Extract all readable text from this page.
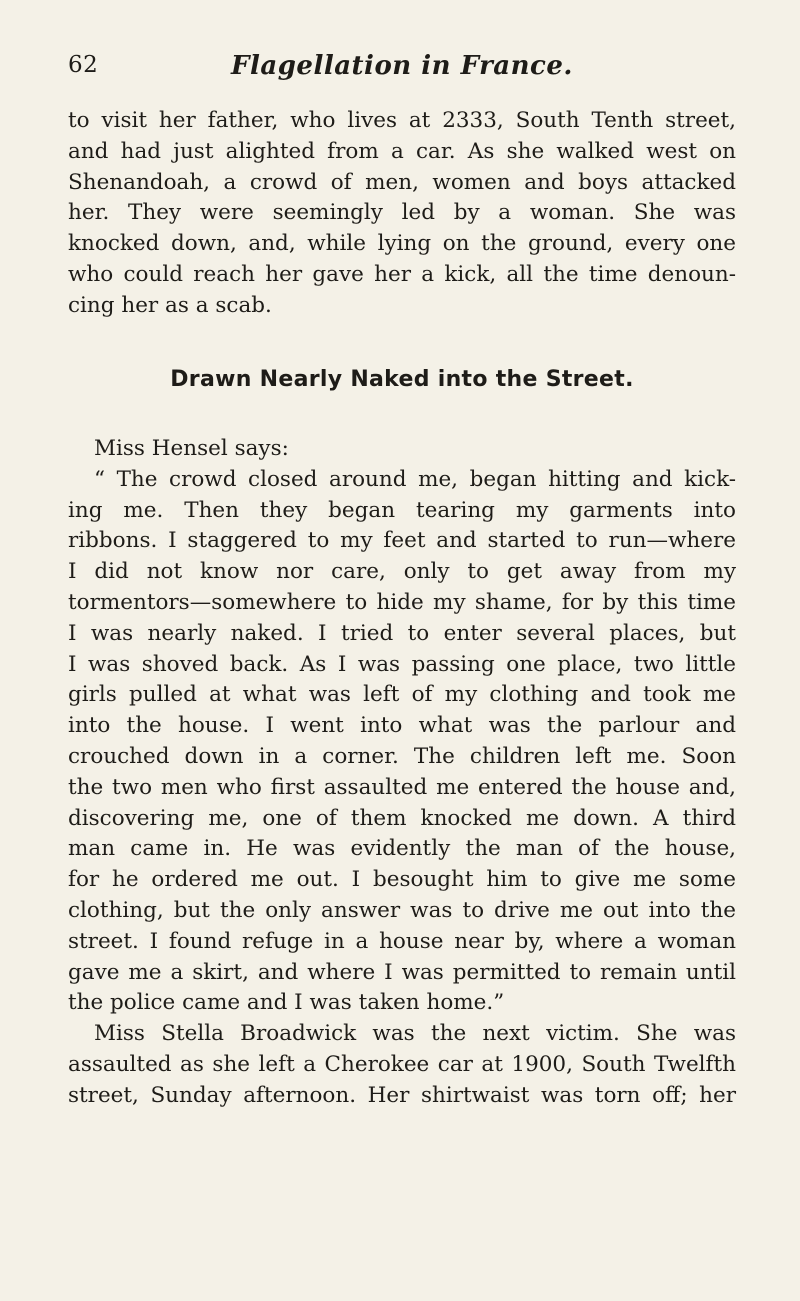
62	Flagellation in France.
to visit her father, who lives at 2333, South Tenth street,
and had just alighted from a car. As she walked west on
Shenandoah, a crowd of men, women and boys attacked
her. They were seemingly led by a woman. She was
knocked down, and, while lying on the ground, every one
who could reach her gave her a kick, all the time denoun-
cing her as a scab.
Drawn Nearly Naked into the Street.
Miss Hensel says:
“ The crowd closed around me, began hitting and kick-
ing me. Then they began tearing my garments into
ribbons. I staggered to my feet and started to run—where
I did not know nor care, only to get away from my
tormentors—somewhere to hide my shame, for by this time
I was nearly naked. I tried to enter several places, but
I was shoved back. As I was passing one place, two little
girls pulled at what was left of my clothing and took me
into the house. I went into what was the parlour and
crouched down in a corner. The children left me. Soon
the two men who first assaulted me entered the house and,
discovering me, one of them knocked me down. A third
man came in. He was evidently the man of the house,
for he ordered me out. I besought him to give me some
clothing, but the only answer was to drive me out into the
street. I found refuge in a house near by, where a woman
gave me a skirt, and where I was permitted to remain until
the police came and I was taken home.”
Miss Stella Broadwick was the next victim. She was
assaulted as she left a Cherokee car at 1900, South Twelfth
street, Sunday afternoon. Her shirtwaist was torn off; her
